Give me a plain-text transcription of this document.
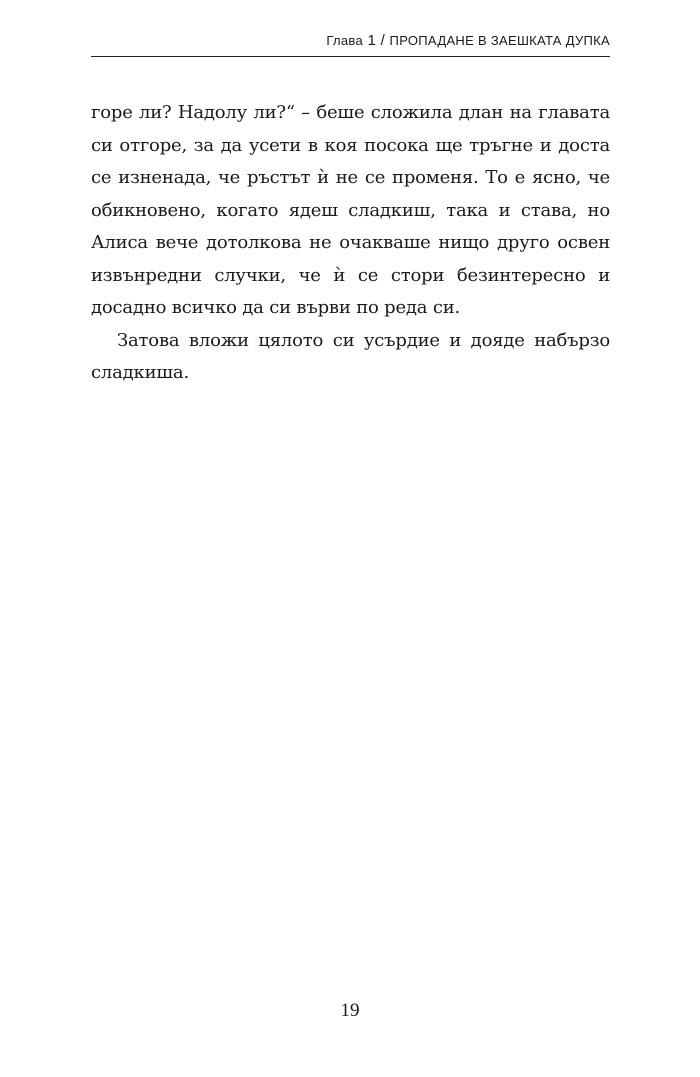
Глава 1 / ПРОПАДАНЕ В ЗАЕШКАТА ДУПКА

горе ли? Надолу ли?“ – беше сложила длан на главата си отгоре, за да усети в коя посока ще тръгне и доста се изненада, че ръстът ѝ не се променя. То е ясно, че обикновено, когато ядеш сладкиш, така и става, но Алиса вече дотолкова не очакваше нищо друго освен извънредни случки, че ѝ се стори безинтересно и досадно всичко да си върви по реда си.

Затова вложи цялото си усърдие и доядe набързо сладкиша.

19
